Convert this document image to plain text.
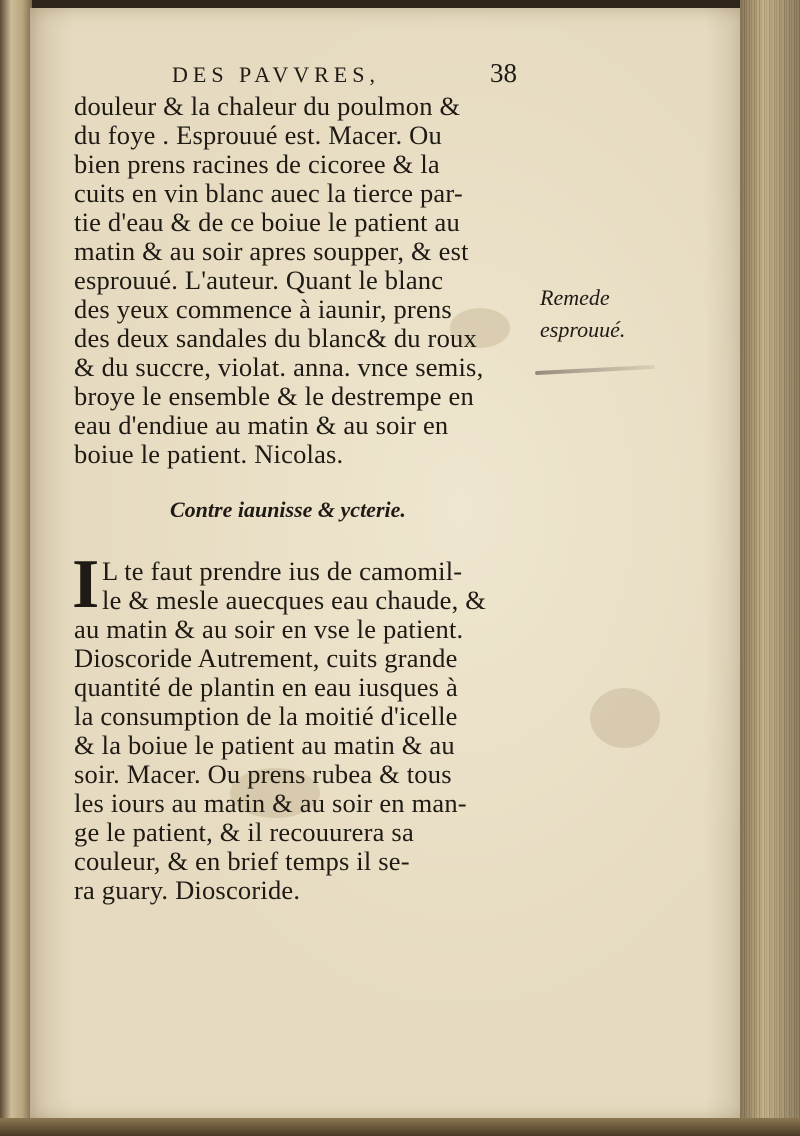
DES PAVVRES,	38
douleur & la chaleur du poulmon &
du foye . Esprouué est. Macer. Ou
bien prens racines de cicoree & la
cuits en vin blanc auec la tierce par-
tie d'eau & de ce boiue le patient au
matin & au soir apres soupper, & est
esprouué. L'auteur. Quant le blanc
des yeux commence à iaunir, prens
des deux sandales du blanc& du roux
& du succre, violat. anna. vnce semis,
broye le ensemble & le destrempe en
eau d'endiue au matin & au soir en
boiue le patient. Nicolas.
Remede
esprouué.
Contre iaunisse & ycterie.
I L te faut prendre ius de camomil-
le & mesle auecques eau chaude, &
au matin & au soir en vse le patient.
Dioscoride Autrement, cuits grande
quantité de plantin en eau iusques à
la consumption de la moitié d'icelle
& la boiue le patient au matin & au
soir. Macer. Ou prens rubea & tous
les iours au matin & au soir en man-
ge le patient, & il recouurera sa
couleur, & en brief temps il se-
ra guary. Dioscoride.
